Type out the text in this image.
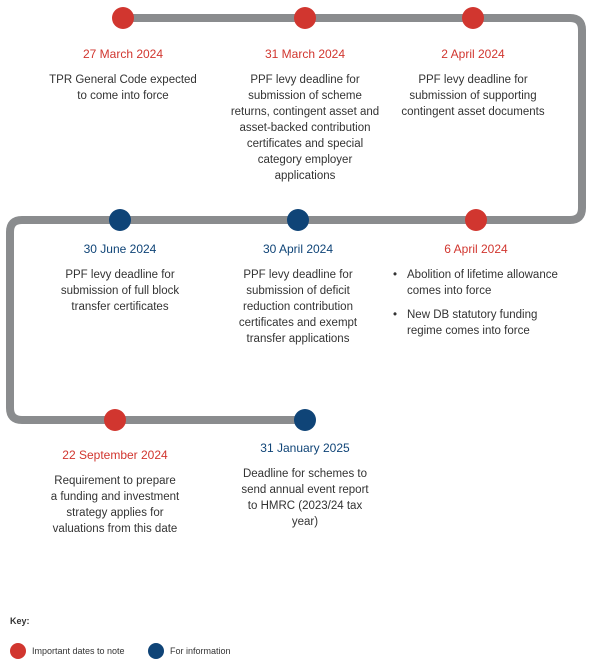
27 March 2024
TPR General Code expected to come into force
31 March 2024
PPF levy deadline for submission of scheme returns, contingent asset and asset-backed contribution certificates and special category employer applications
2 April 2024
PPF levy deadline for submission of supporting contingent asset documents
30 June 2024
PPF levy deadline for submission of full block transfer certificates
30 April 2024
PPF levy deadline for submission of deficit reduction contribution certificates and exempt transfer applications
6 April 2024
• Abolition of lifetime allowance comes into force
• New DB statutory funding regime comes into force
22 September 2024
Requirement to prepare a funding and investment strategy applies for valuations from this date
31 January 2025
Deadline for schemes to send annual event report to HMRC (2023/24 tax year)
Key:
Important dates to note	For information
